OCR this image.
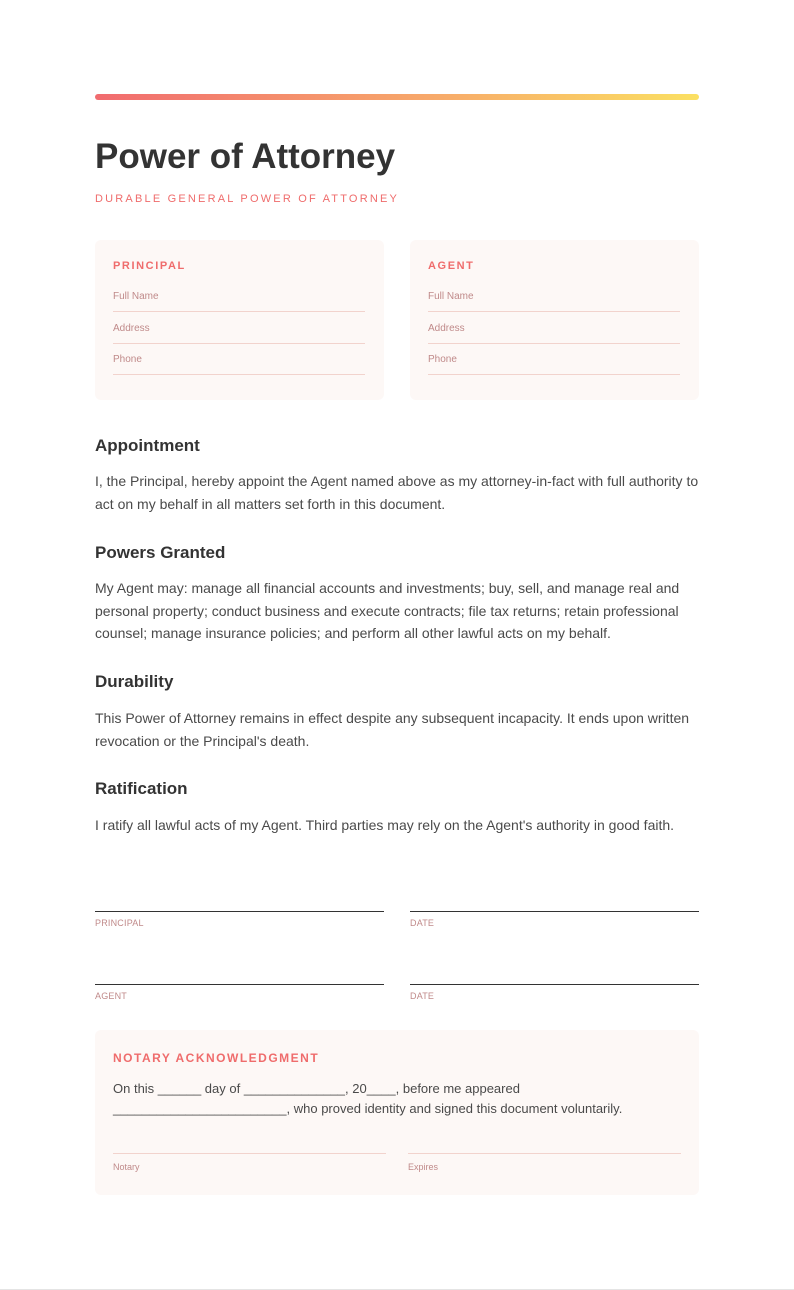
Power of Attorney
DURABLE GENERAL POWER OF ATTORNEY
PRINCIPAL
Full Name
Address
Phone
AGENT
Full Name
Address
Phone
Appointment

I, the Principal, hereby appoint the Agent named above as my attorney-in-fact with full authority to act on my behalf in all matters set forth in this document.

Powers Granted

My Agent may: manage all financial accounts and investments; buy, sell, and manage real and personal property; conduct business and execute contracts; file tax returns; retain professional counsel; manage insurance policies; and perform all other lawful acts on my behalf.

Durability

This Power of Attorney remains in effect despite any subsequent incapacity. It ends upon written revocation or the Principal's death.

Ratification

I ratify all lawful acts of my Agent. Third parties may rely on the Agent's authority in good faith.

PRINCIPAL	DATE
AGENT	DATE
NOTARY ACKNOWLEDGMENT
On this ______ day of ______________, 20____, before me appeared
________________________, who proved identity and signed this document voluntarily.
Notary	Expires
